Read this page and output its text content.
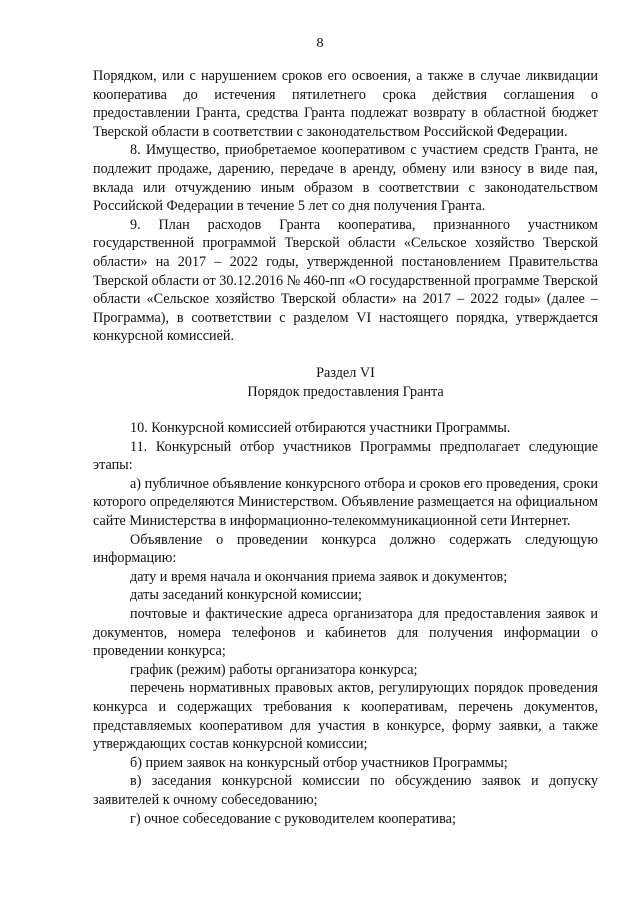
8

Порядком, или с нарушением сроков его освоения, а также в случае ликвидации кооператива до истечения пятилетнего срока действия соглашения о предоставлении Гранта, средства Гранта подлежат возврату в областной бюджет Тверской области в соответствии с законодательством Российской Федерации.

8. Имущество, приобретаемое кооперативом с участием средств Гранта, не подлежит продаже, дарению, передаче в аренду, обмену или взносу в виде пая, вклада или отчуждению иным образом в соответствии с законодательством Российской Федерации в течение 5 лет со дня получения Гранта.

9. План расходов Гранта кооператива, признанного участником государственной программой Тверской области «Сельское хозяйство Тверской области» на 2017 – 2022 годы, утвержденной постановлением Правительства Тверской области от 30.12.2016 № 460-пп «О государственной программе Тверской области «Сельское хозяйство Тверской области» на 2017 – 2022 годы» (далее – Программа), в соответствии с разделом VI настоящего порядка, утверждается конкурсной комиссией.

Раздел VI

Порядок предоставления Гранта

10. Конкурсной комиссией отбираются участники Программы.

11. Конкурсный отбор участников Программы предполагает следующие этапы:

а) публичное объявление конкурсного отбора и сроков его проведения, сроки которого определяются Министерством. Объявление размещается на официальном сайте Министерства в информационно-телекоммуникационной сети Интернет.

Объявление о проведении конкурса должно содержать следующую информацию:

дату и время начала и окончания приема заявок и документов;

даты заседаний конкурсной комиссии;

почтовые и фактические адреса организатора для предоставления заявок и документов, номера телефонов и кабинетов для получения информации о проведении конкурса;

график (режим) работы организатора конкурса;

перечень нормативных правовых актов, регулирующих порядок проведения конкурса и содержащих требования к кооперативам, перечень документов, представляемых кооперативом для участия в конкурсе, форму заявки, а также утверждающих состав конкурсной комиссии;

б) прием заявок на конкурсный отбор участников Программы;

в) заседания конкурсной комиссии по обсуждению заявок и допуску заявителей к очному собеседованию;

г) очное собеседование с руководителем кооператива;
